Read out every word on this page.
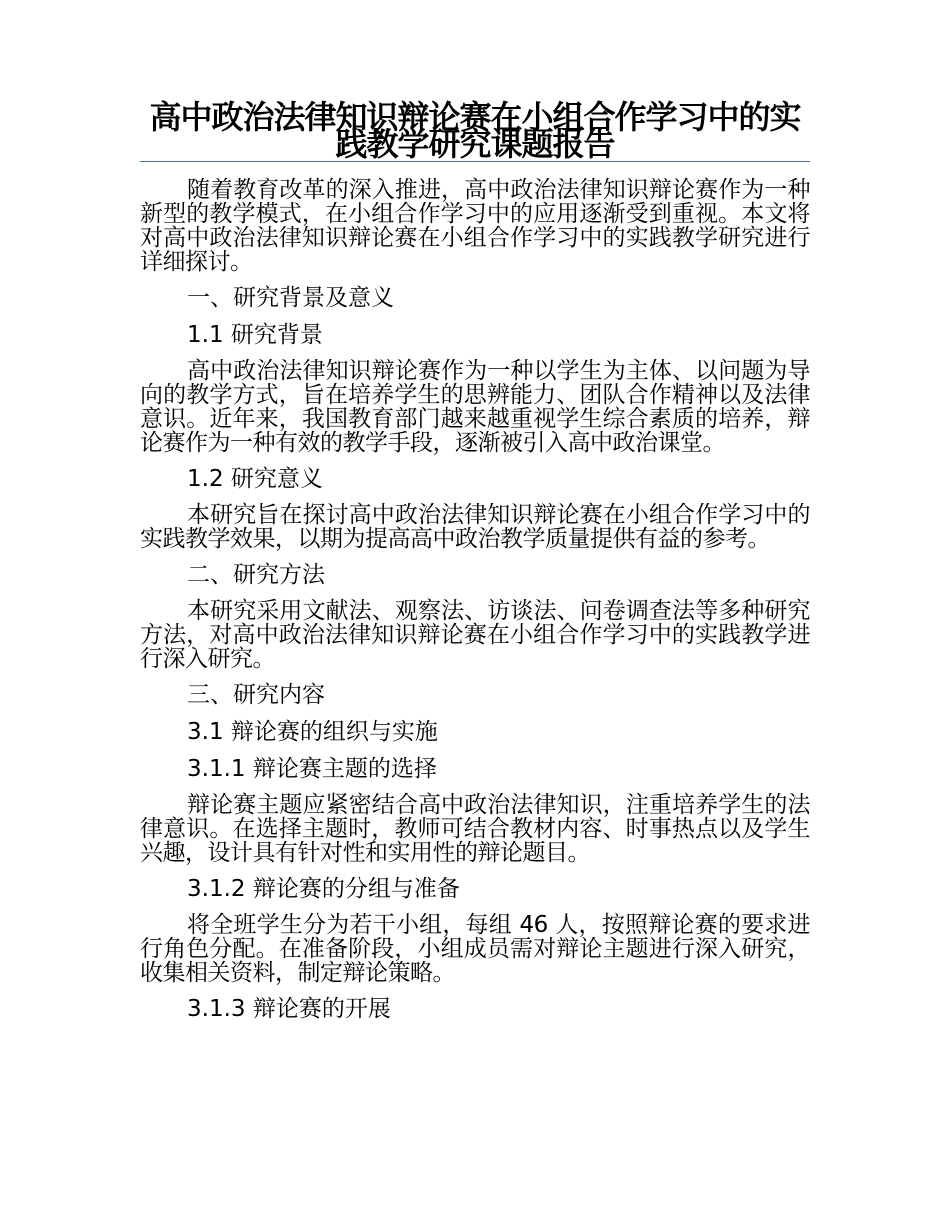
高中政治法律知识辩论赛在小组合作学习中的实践教学研究课题报告

随着教育改革的深入推进，高中政治法律知识辩论赛作为一种新型的教学模式，在小组合作学习中的应用逐渐受到重视。本文将对高中政治法律知识辩论赛在小组合作学习中的实践教学研究进行详细探讨。

一、研究背景及意义

1.1 研究背景

高中政治法律知识辩论赛作为一种以学生为主体、以问题为导向的教学方式，旨在培养学生的思辨能力、团队合作精神以及法律意识。近年来，我国教育部门越来越重视学生综合素质的培养，辩论赛作为一种有效的教学手段，逐渐被引入高中政治课堂。

1.2 研究意义

本研究旨在探讨高中政治法律知识辩论赛在小组合作学习中的实践教学效果，以期为提高高中政治教学质量提供有益的参考。

二、研究方法

本研究采用文献法、观察法、访谈法、问卷调查法等多种研究方法，对高中政治法律知识辩论赛在小组合作学习中的实践教学进行深入研究。

三、研究内容

3.1 辩论赛的组织与实施

3.1.1 辩论赛主题的选择

辩论赛主题应紧密结合高中政治法律知识，注重培养学生的法律意识。在选择主题时，教师可结合教材内容、时事热点以及学生兴趣，设计具有针对性和实用性的辩论题目。

3.1.2 辩论赛的分组与准备

将全班学生分为若干小组，每组 46 人，按照辩论赛的要求进行角色分配。在准备阶段，小组成员需对辩论主题进行深入研究，收集相关资料，制定辩论策略。

3.1.3 辩论赛的开展
